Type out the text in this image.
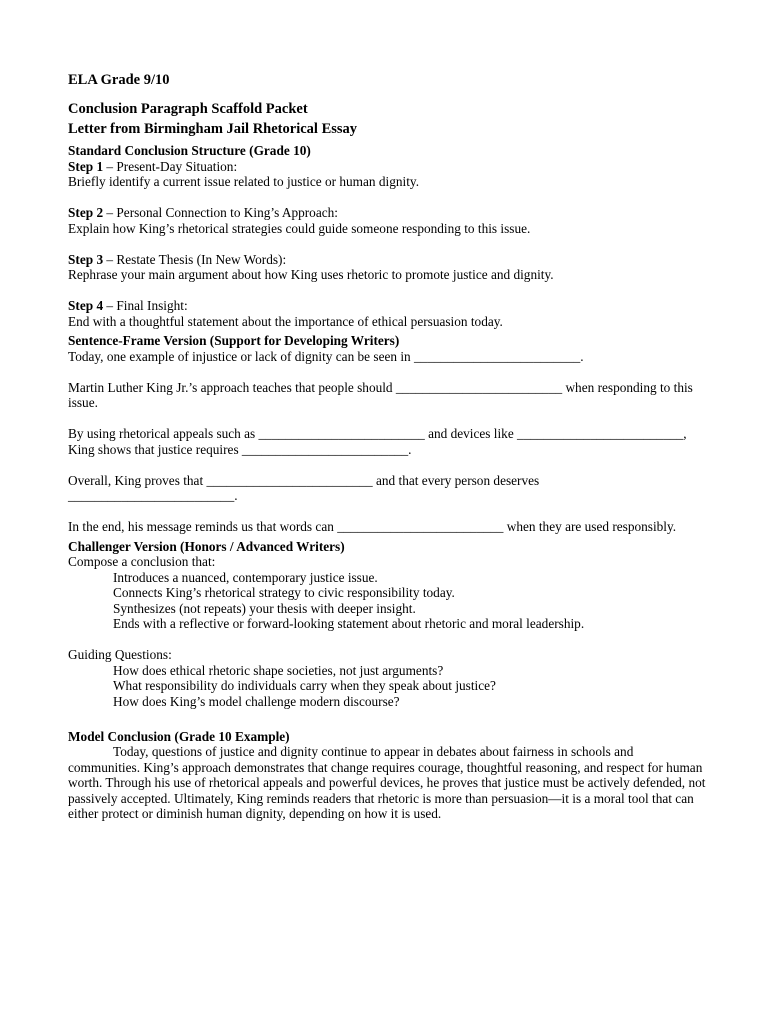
ELA Grade 9/10

Conclusion Paragraph Scaffold Packet

Letter from Birmingham Jail Rhetorical Essay

Standard Conclusion Structure (Grade 10)

Step 1 – Present-Day Situation:

Briefly identify a current issue related to justice or human dignity.

Step 2 – Personal Connection to King’s Approach:

Explain how King’s rhetorical strategies could guide someone responding to this issue.

Step 3 – Restate Thesis (In New Words):

Rephrase your main argument about how King uses rhetoric to promote justice and dignity.

Step 4 – Final Insight:

End with a thoughtful statement about the importance of ethical persuasion today.

Sentence-Frame Version (Support for Developing Writers)

Today, one example of injustice or lack of dignity can be seen in _________________________.

Martin Luther King Jr.’s approach teaches that people should _________________________ when responding to this issue.

By using rhetorical appeals such as _________________________ and devices like _________________________, King shows that justice requires _________________________.

Overall, King proves that _________________________ and that every person deserves _________________________.

In the end, his message reminds us that words can _________________________ when they are used responsibly.

Challenger Version (Honors / Advanced Writers)

Compose a conclusion that:

Introduces a nuanced, contemporary justice issue.

Connects King’s rhetorical strategy to civic responsibility today.

Synthesizes (not repeats) your thesis with deeper insight.

Ends with a reflective or forward-looking statement about rhetoric and moral leadership.

Guiding Questions:

How does ethical rhetoric shape societies, not just arguments?

What responsibility do individuals carry when they speak about justice?

How does King’s model challenge modern discourse?

Model Conclusion (Grade 10 Example)

Today, questions of justice and dignity continue to appear in debates about fairness in schools and communities. King’s approach demonstrates that change requires courage, thoughtful reasoning, and respect for human worth. Through his use of rhetorical appeals and powerful devices, he proves that justice must be actively defended, not passively accepted. Ultimately, King reminds readers that rhetoric is more than persuasion—it is a moral tool that can either protect or diminish human dignity, depending on how it is used.
